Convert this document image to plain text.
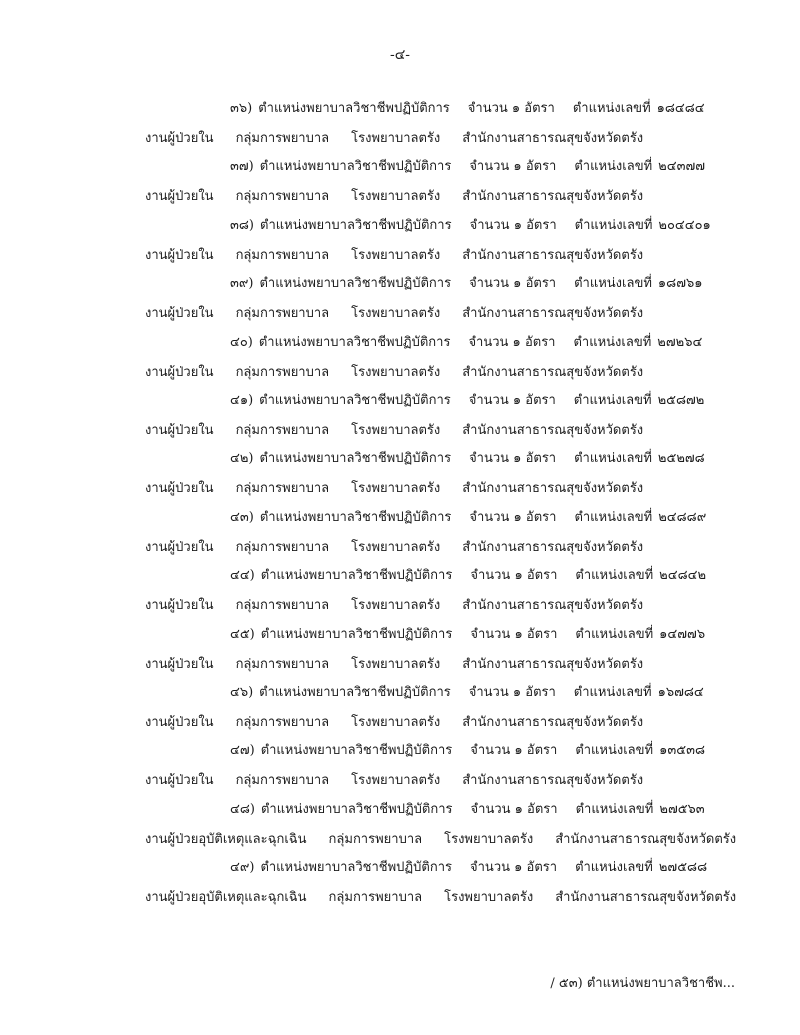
-๔-
๓๖) ตำแหน่งพยาบาลวิชาชีพปฏิบัติการ จำนวน ๑ อัตรา ตำแหน่งเลขที่ ๑๘๔๘๔
งานผู้ป่วยใน กลุ่มการพยาบาล โรงพยาบาลตรัง สำนักงานสาธารณสุขจังหวัดตรัง
๓๗) ตำแหน่งพยาบาลวิชาชีพปฏิบัติการ จำนวน ๑ อัตรา ตำแหน่งเลขที่ ๒๔๓๗๗
งานผู้ป่วยใน กลุ่มการพยาบาล โรงพยาบาลตรัง สำนักงานสาธารณสุขจังหวัดตรัง
๓๘) ตำแหน่งพยาบาลวิชาชีพปฏิบัติการ จำนวน ๑ อัตรา ตำแหน่งเลขที่ ๒๐๔๔๐๑
งานผู้ป่วยใน กลุ่มการพยาบาล โรงพยาบาลตรัง สำนักงานสาธารณสุขจังหวัดตรัง
๓๙) ตำแหน่งพยาบาลวิชาชีพปฏิบัติการ จำนวน ๑ อัตรา ตำแหน่งเลขที่ ๑๘๗๖๑
งานผู้ป่วยใน กลุ่มการพยาบาล โรงพยาบาลตรัง สำนักงานสาธารณสุขจังหวัดตรัง
๔๐) ตำแหน่งพยาบาลวิชาชีพปฏิบัติการ จำนวน ๑ อัตรา ตำแหน่งเลขที่ ๒๗๒๖๔
งานผู้ป่วยใน กลุ่มการพยาบาล โรงพยาบาลตรัง สำนักงานสาธารณสุขจังหวัดตรัง
๔๑) ตำแหน่งพยาบาลวิชาชีพปฏิบัติการ จำนวน ๑ อัตรา ตำแหน่งเลขที่ ๒๕๘๗๒
งานผู้ป่วยใน กลุ่มการพยาบาล โรงพยาบาลตรัง สำนักงานสาธารณสุขจังหวัดตรัง
๔๒) ตำแหน่งพยาบาลวิชาชีพปฏิบัติการ จำนวน ๑ อัตรา ตำแหน่งเลขที่ ๒๕๒๗๘
งานผู้ป่วยใน กลุ่มการพยาบาล โรงพยาบาลตรัง สำนักงานสาธารณสุขจังหวัดตรัง
๔๓) ตำแหน่งพยาบาลวิชาชีพปฏิบัติการ จำนวน ๑ อัตรา ตำแหน่งเลขที่ ๒๔๘๘๙
งานผู้ป่วยใน กลุ่มการพยาบาล โรงพยาบาลตรัง สำนักงานสาธารณสุขจังหวัดตรัง
๔๔) ตำแหน่งพยาบาลวิชาชีพปฏิบัติการ จำนวน ๑ อัตรา ตำแหน่งเลขที่ ๒๔๘๔๒
งานผู้ป่วยใน กลุ่มการพยาบาล โรงพยาบาลตรัง สำนักงานสาธารณสุขจังหวัดตรัง
๔๕) ตำแหน่งพยาบาลวิชาชีพปฏิบัติการ จำนวน ๑ อัตรา ตำแหน่งเลขที่ ๑๔๗๗๖
งานผู้ป่วยใน กลุ่มการพยาบาล โรงพยาบาลตรัง สำนักงานสาธารณสุขจังหวัดตรัง
๔๖) ตำแหน่งพยาบาลวิชาชีพปฏิบัติการ จำนวน ๑ อัตรา ตำแหน่งเลขที่ ๑๖๗๘๔
งานผู้ป่วยใน กลุ่มการพยาบาล โรงพยาบาลตรัง สำนักงานสาธารณสุขจังหวัดตรัง
๔๗) ตำแหน่งพยาบาลวิชาชีพปฏิบัติการ จำนวน ๑ อัตรา ตำแหน่งเลขที่ ๑๓๕๓๘
งานผู้ป่วยใน กลุ่มการพยาบาล โรงพยาบาลตรัง สำนักงานสาธารณสุขจังหวัดตรัง
๔๘) ตำแหน่งพยาบาลวิชาชีพปฏิบัติการ จำนวน ๑ อัตรา ตำแหน่งเลขที่ ๒๗๕๖๓
งานผู้ป่วยอุบัติเหตุและฉุกเฉิน กลุ่มการพยาบาล โรงพยาบาลตรัง สำนักงานสาธารณสุขจังหวัดตรัง
๔๙) ตำแหน่งพยาบาลวิชาชีพปฏิบัติการ จำนวน ๑ อัตรา ตำแหน่งเลขที่ ๒๗๕๘๘
งานผู้ป่วยอุบัติเหตุและฉุกเฉิน กลุ่มการพยาบาล โรงพยาบาลตรัง สำนักงานสาธารณสุขจังหวัดตรัง
/ ๕๓) ตำแหน่งพยาบาลวิชาชีพ...
